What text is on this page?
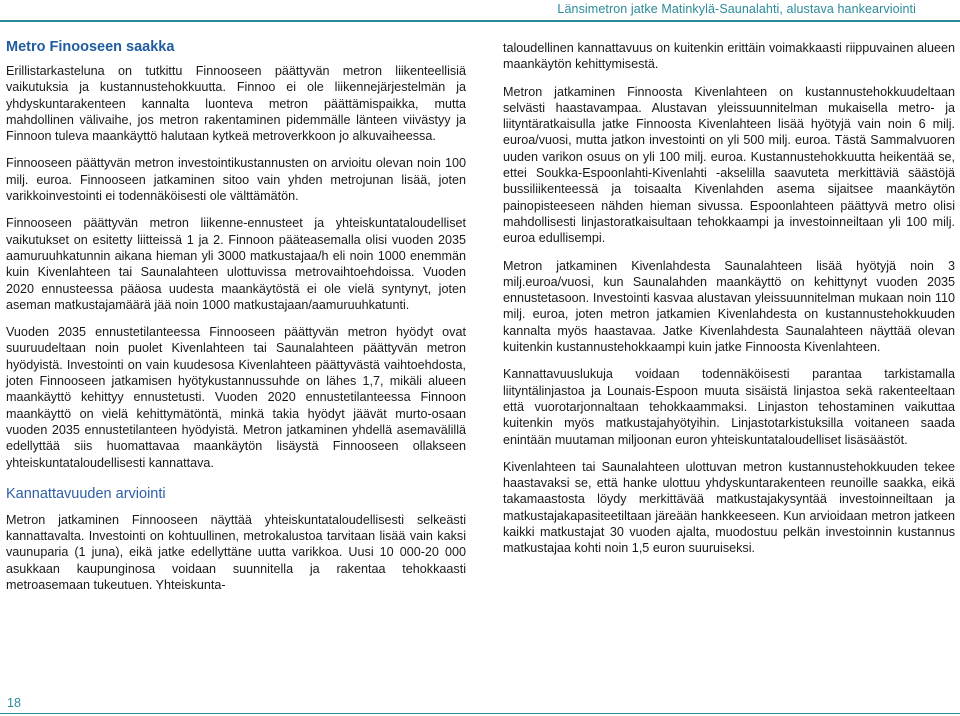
Länsimetron jatke Matinkylä-Saunalahti, alustava hankearviointi
Metro Finooseen saakka

Erillistarkasteluna on tutkittu Finnooseen päättyvän metron liikenteellisiä vaikutuksia ja kustannustehokkuutta. Finnoo ei ole liikennejärjestelmän ja yhdyskuntarakenteen kannalta luonteva metron päättämispaikka, mutta mahdollinen välivaihe, jos metron rakentaminen pidemmälle länteen viivästyy ja Finnoon tuleva maankäyttö halutaan kytkeä metroverkkoon jo alkuvaiheessa.

Finnooseen päättyvän metron investointikustannusten on arvioitu olevan noin 100 milj. euroa. Finnooseen jatkaminen sitoo vain yhden metrojunan lisää, joten varikkoinvestointi ei todennäköisesti ole välttämätön.

Finnooseen päättyvän metron liikenne-ennusteet ja yhteiskuntataloudelliset vaikutukset on esitetty liitteissä 1 ja 2. Finnoon pääteasemalla olisi vuoden 2035 aamuruuhkatunnin aikana hieman yli 3000 matkustajaa/h eli noin 1000 enemmän kuin Kivenlahteen tai Saunalahteen ulottuvissa metrovaihtoehdoissa. Vuoden 2020 ennusteessa pääosa uudesta maankäytöstä ei ole vielä syntynyt, joten aseman matkustajamäärä jää noin 1000 matkustajaan/aamuruuhkatunti.

Vuoden 2035 ennustetilanteessa Finnooseen päättyvän metron hyödyt ovat suuruudeltaan noin puolet Kivenlahteen tai Saunalahteen päättyvän metron hyödyistä. Investointi on vain kuudesosa Kivenlahteen päättyvästä vaihtoehdosta, joten Finnooseen jatkamisen hyötykustannussuhde on lähes 1,7, mikäli alueen maankäyttö kehittyy ennustetusti. Vuoden 2020 ennustetilanteessa Finnoon maankäyttö on vielä kehittymätöntä, minkä takia hyödyt jäävät murto-osaan vuoden 2035 ennustetilanteen hyödyistä. Metron jatkaminen yhdellä asemavälillä edellyttää siis huomattavaa maankäytön lisäystä Finnooseen ollakseen yhteiskuntataloudellisesti kannattava.

Kannattavuuden arviointi

Metron jatkaminen Finnooseen näyttää yhteiskuntataloudellisesti selkeästi kannattavalta. Investointi on kohtuullinen, metrokalustoa tarvitaan lisää vain kaksi vaunuparia (1 juna), eikä jatke edellyttäne uutta varikkoa. Uusi 10 000-20 000 asukkaan kaupunginosa voidaan suunnitella ja rakentaa tehokkaasti metroasemaan tukeutuen. Yhteiskunta-

taloudellinen kannattavuus on kuitenkin erittäin voimakkaasti riippuvainen alueen maankäytön kehittymisestä.

Metron jatkaminen Finnoosta Kivenlahteen on kustannustehokkuudeltaan selvästi haastavampaa. Alustavan yleissuunnitelman mukaisella metro- ja liityntäratkaisulla jatke Finnoosta Kivenlahteen lisää hyötyjä vain noin 6 milj. euroa/vuosi, mutta jatkon investointi on yli 500 milj. euroa. Tästä Sammalvuoren uuden varikon osuus on yli 100 milj. euroa. Kustannustehokkuutta heikentää se, ettei Soukka-Espoonlahti-Kivenlahti -akselilla saavuteta merkittäviä säästöjä bussiliikenteessä ja toisaalta Kivenlahden asema sijaitsee maankäytön painopisteeseen nähden hieman sivussa. Espoonlahteen päättyvä metro olisi mahdollisesti linjastoratkaisultaan tehokkaampi ja investoinneiltaan yli 100 milj. euroa edullisempi.

Metron jatkaminen Kivenlahdesta Saunalahteen lisää hyötyjä noin 3 milj.euroa/vuosi, kun Saunalahden maankäyttö on kehittynyt vuoden 2035 ennustetasoon. Investointi kasvaa alustavan yleissuunnitelman mukaan noin 110 milj. euroa, joten metron jatkamien Kivenlahdesta on kustannustehokkuuden kannalta myös haastavaa. Jatke Kivenlahdesta Saunalahteen näyttää olevan kuitenkin kustannustehokkaampi kuin jatke Finnoosta Kivenlahteen.

Kannattavuuslukuja voidaan todennäköisesti parantaa tarkistamalla liityntälinjastoa ja Lounais-Espoon muuta sisäistä linjastoa sekä rakenteeltaan että vuorotarjonnaltaan tehokkaammaksi. Linjaston tehostaminen vaikuttaa kuitenkin myös matkustajahyötyihin. Linjastotarkistuksilla voitaneen saada enintään muutaman miljoonan euron yhteiskuntataloudelliset lisäsäästöt.

Kivenlahteen tai Saunalahteen ulottuvan metron kustannustehokkuuden tekee haastavaksi se, että hanke ulottuu yhdyskuntarakenteen reunoille saakka, eikä takamaastosta löydy merkittävää matkustajakysyntää investoinneiltaan ja matkustajakapasiteetiltaan järeään hankkeeseen. Kun arvioidaan metron jatkeen kaikki matkustajat 30 vuoden ajalta, muodostuu pelkän investoinnin kustannus matkustajaa kohti noin 1,5 euron suuruiseksi.

18
